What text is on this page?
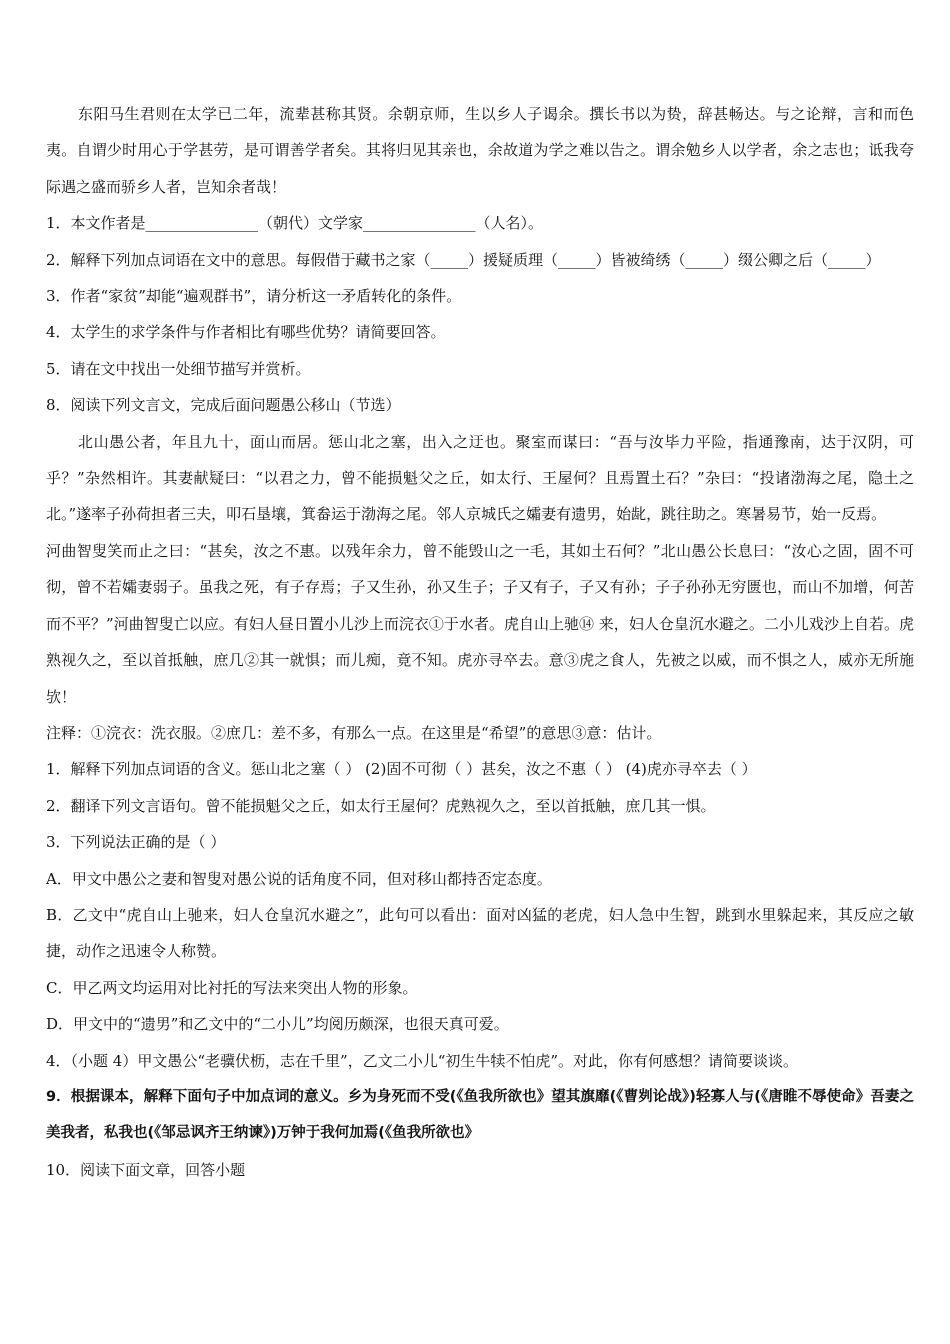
东阳马生君则在太学已二年，流辈甚称其贤。余朝京师，生以乡人子谒余。撰长书以为贽，辞甚畅达。与之论辩，言和而色夷。自谓少时用心于学甚劳，是可谓善学者矣。其将归见其亲也，余故道为学之难以告之。谓余勉乡人以学者，余之志也；诋我夸际遇之盛而骄乡人者，岂知余者哉！

1．本文作者是_______________（朝代）文学家_______________（人名）。

2．解释下列加点词语在文中的意思。每假借于藏书之家（_____）援疑质理（_____）皆被绮绣（_____）缀公卿之后（_____）

3．作者“家贫”却能“遍观群书”，请分析这一矛盾转化的条件。

4．太学生的求学条件与作者相比有哪些优势？请简要回答。

5．请在文中找出一处细节描写并赏析。

8．阅读下列文言文，完成后面问题愚公移山（节选）

北山愚公者，年且九十，面山而居。惩山北之塞，出入之迂也。聚室而谋曰：“吾与汝毕力平险，指通豫南，达于汉阴，可乎？”杂然相许。其妻献疑曰：“以君之力，曾不能损魁父之丘，如太行、王屋何？且焉置土石？”杂曰：“投诸渤海之尾，隐土之北。”遂率子孙荷担者三夫，叩石垦壤，箕畚运于渤海之尾。邻人京城氏之孀妻有遗男，始龀，跳往助之。寒暑易节，始一反焉。

河曲智叟笑而止之曰：“甚矣，汝之不惠。以残年余力，曾不能毁山之一毛，其如土石何？”北山愚公长息曰：“汝心之固，固不可彻，曾不若孀妻弱子。虽我之死，有子存焉；子又生孙，孙又生子；子又有子，子又有孙；子子孙孙无穷匮也，而山不加增，何苦而不平？”河曲智叟亡以应。有妇人昼日置小儿沙上而浣衣①于水者。虎自山上驰⑭ 来，妇人仓皇沉水避之。二小儿戏沙上自若。虎熟视久之，至以首抵触，庶几②其一就惧；而儿痴，竟不知。虎亦寻卒去。意③虎之食人，先被之以威，而不惧之人，威亦无所施欤！

注释：①浣衣：洗衣服。②庶几：差不多，有那么一点。在这里是“希望”的意思③意：估计。

1．解释下列加点词语的含义。惩山北之塞（ ） (2)固不可彻（ ）甚矣，汝之不惠（ ） (4)虎亦寻卒去（ ）

2．翻译下列文言语句。曾不能损魁父之丘，如太行王屋何？虎熟视久之，至以首抵触，庶几其一惧。

3．下列说法正确的是（ ）

A．甲文中愚公之妻和智叟对愚公说的话角度不同，但对移山都持否定态度。

B．乙文中“虎自山上驰来，妇人仓皇沉水避之”，此句可以看出：面对凶猛的老虎，妇人急中生智，跳到水里躲起来，其反应之敏捷，动作之迅速令人称赞。

C．甲乙两文均运用对比衬托的写法来突出人物的形象。

D．甲文中的“遗男”和乙文中的“二小儿”均阅历颇深，也很天真可爱。

4．（小题 4）甲文愚公“老骥伏枥，志在千里”，乙文二小儿“初生牛犊不怕虎”。对此，你有何感想？请简要谈谈。

9．根据课本，解释下面句子中加点词的意义。乡为身死而不受(《鱼我所欲也》望其旗靡(《曹刿论战》)轻寡人与(《唐睢不辱使命》吾妻之美我者，私我也(《邹忌讽齐王纳谏》)万钟于我何加焉(《鱼我所欲也》

10．阅读下面文章，回答小题
